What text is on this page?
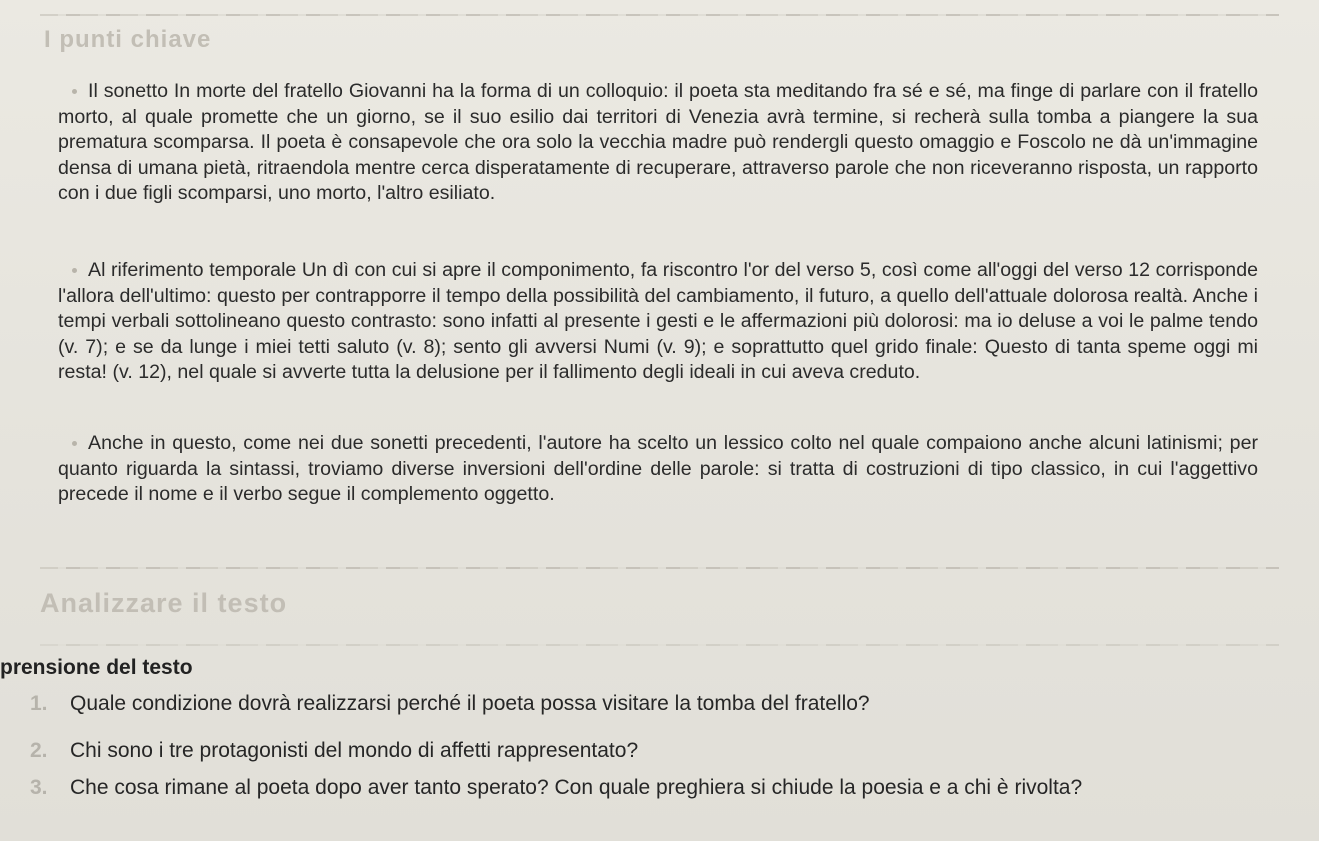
I punti chiave
Il sonetto In morte del fratello Giovanni ha la forma di un colloquio: il poeta sta meditando fra sé e sé, ma finge di parlare con il fratello morto, al quale promette che un giorno, se il suo esilio dai territori di Venezia avrà termine, si recherà sulla tomba a piangere la sua prematura scomparsa. Il poeta è consapevole che ora solo la vecchia madre può rendergli questo omaggio e Foscolo ne dà un'immagine densa di umana pietà, ritraendola mentre cerca disperatamente di recuperare, attraverso parole che non riceveranno risposta, un rapporto con i due figli scomparsi, uno morto, l'altro esiliato.
Al riferimento temporale Un dì con cui si apre il componimento, fa riscontro l'or del verso 5, così come all'oggi del verso 12 corrisponde l'allora dell'ultimo: questo per contrapporre il tempo della possibilità del cambiamento, il futuro, a quello dell'attuale dolorosa realtà. Anche i tempi verbali sottolineano questo contrasto: sono infatti al presente i gesti e le affermazioni più dolorosi: ma io deluse a voi le palme tendo (v. 7); e se da lunge i miei tetti saluto (v. 8); sento gli avversi Numi (v. 9); e soprattutto quel grido finale: Questo di tanta speme oggi mi resta! (v. 12), nel quale si avverte tutta la delusione per il fallimento degli ideali in cui aveva creduto.
Anche in questo, come nei due sonetti precedenti, l'autore ha scelto un lessico colto nel quale compaiono anche alcuni latinismi; per quanto riguarda la sintassi, troviamo diverse inversioni dell'ordine delle parole: si tratta di costruzioni di tipo classico, in cui l'aggettivo precede il nome e il verbo segue il complemento oggetto.
Analizzare il testo
prensione del testo
1. Quale condizione dovrà realizzarsi perché il poeta possa visitare la tomba del fratello?
2. Chi sono i tre protagonisti del mondo di affetti rappresentato?
3. Che cosa rimane al poeta dopo aver tanto sperato? Con quale preghiera si chiude la poesia e a chi è rivolta?
